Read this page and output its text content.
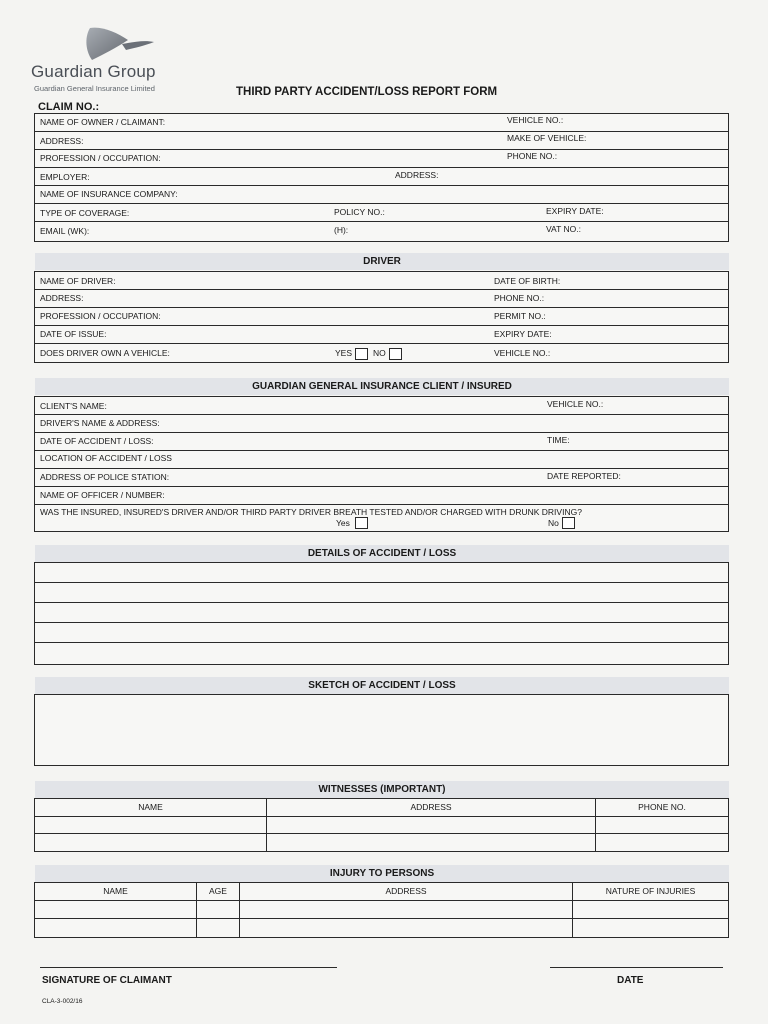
Guardian Group
Guardian General Insurance Limited	THIRD PARTY ACCIDENT/LOSS REPORT FORM
CLAIM NO.:
NAME OF OWNER / CLAIMANT:	VEHICLE NO.:
ADDRESS:	MAKE OF VEHICLE:
PROFESSION / OCCUPATION:	PHONE NO.:
EMPLOYER:	ADDRESS:
NAME OF INSURANCE COMPANY:
TYPE OF COVERAGE:	POLICY NO.:	EXPIRY DATE:
EMAIL (WK):	(H):	VAT NO.:
DRIVER
NAME OF DRIVER:	DATE OF BIRTH:
ADDRESS:	PHONE NO.:
PROFESSION / OCCUPATION:	PERMIT NO.:
DATE OF ISSUE:	EXPIRY DATE:
DOES DRIVER OWN A VEHICLE:	YES NO	VEHICLE NO.:
GUARDIAN GENERAL INSURANCE CLIENT / INSURED
CLIENT'S NAME:	VEHICLE NO.:
DRIVER'S NAME & ADDRESS:
DATE OF ACCIDENT / LOSS:	TIME:
LOCATION OF ACCIDENT / LOSS
ADDRESS OF POLICE STATION:	DATE REPORTED:
NAME OF OFFICER / NUMBER:
WAS THE INSURED, INSURED'S DRIVER AND/OR THIRD PARTY DRIVER BREATH TESTED AND/OR CHARGED WITH DRUNK DRIVING?
Yes	No
DETAILS OF ACCIDENT / LOSS
SKETCH OF ACCIDENT / LOSS
WITNESSES (IMPORTANT)
NAME	ADDRESS	PHONE NO.
INJURY TO PERSONS
NAME	AGE	ADDRESS	NATURE OF INJURIES
SIGNATURE OF CLAIMANT	DATE
CLA-3-002/16
